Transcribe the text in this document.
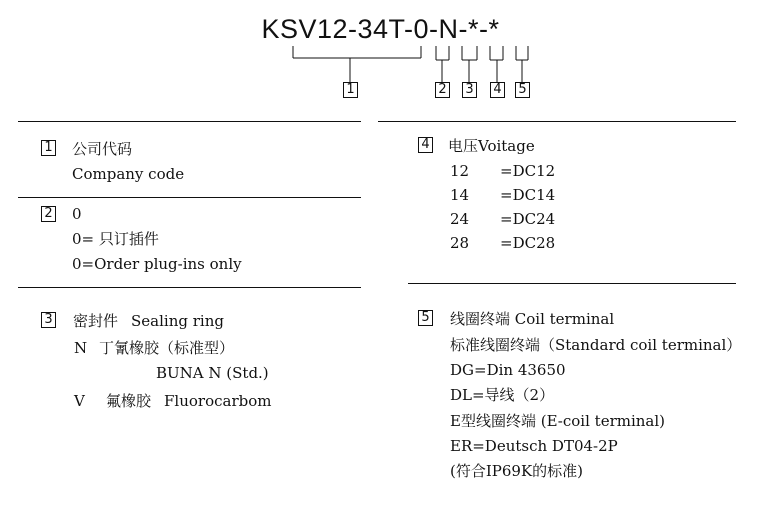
KSV12-34T-0-N-*-*
1	2 3 4 5
1 公司代码
Company code
2 0
0= 只订插件
0=Order plug-ins only
3 密封件 Sealing ring
N 丁氰橡胶（标准型）
BUNA N (Std.)
V 氟橡胶 Fluorocarbom
4 电压Voitage
12 =DC12
14 =DC14
24 =DC24
28 =DC28
5 线圈终端 Coil terminal
标准线圈终端（Standard coil terminal）
DG=Din 43650
DL=导线（2）
E型线圈终端 (E-coil terminal)
ER=Deutsch DT04-2P
(符合IP69K的标准)
